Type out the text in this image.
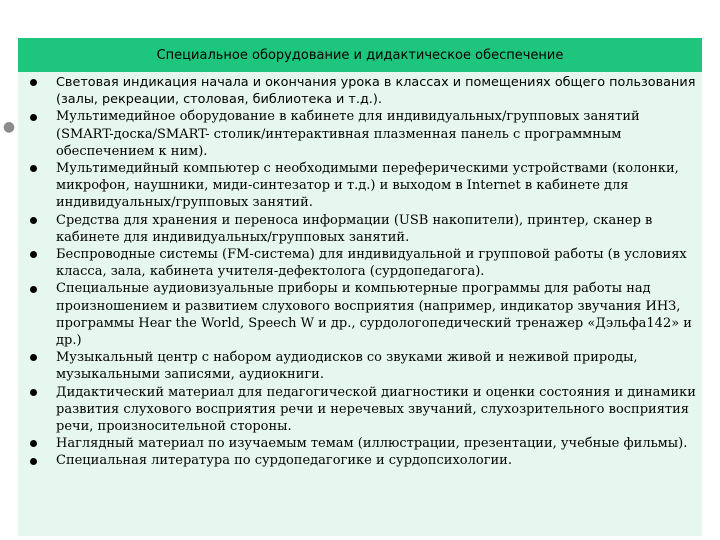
●
Специальное оборудование и дидактическое обеспечение
Световая индикация начала и окончания урока в классах и помещениях общего пользования (залы, рекреации, столовая, библиотека и т.д.).
Мультимедийное оборудование в кабинете для индивидуальных/групповых занятий (SMART-доска/SMART- столик/интерактивная плазменная панель с программным обеспечением к ним).
Мультимедийный компьютер с необходимыми переферическими устройствами (колонки, микрофон, наушники, миди-синтезатор и т.д.) и выходом в Internet в кабинете для индивидуальных/групповых занятий.
Средства для хранения и переноса информации (USB накопители), принтер, сканер в кабинете для индивидуальных/групповых занятий.
Беспроводные системы (FM-система) для индивидуальной и групповой работы (в условиях класса, зала, кабинета учителя-дефектолога (сурдопедагога).
Специальные аудиовизуальные приборы и компьютерные программы для работы над произношением и развитием слухового восприятия (например, индикатор звучания ИНЗ, программы Hear the World, Speech W и др., сурдологопедический тренажер «Дэльфа142» и др.)
Музыкальный центр с набором аудиодисков со звуками живой и неживой природы, музыкальными записями, аудиокниги.
Дидактический материал для педагогической диагностики и оценки состояния и динамики развития слухового восприятия речи и неречевых звучаний, слухозрительного восприятия речи, произносительной стороны.
Наглядный материал по изучаемым темам (иллюстрации, презентации, учебные фильмы).
Специальная литература по сурдопедагогике и сурдопсихологии.
